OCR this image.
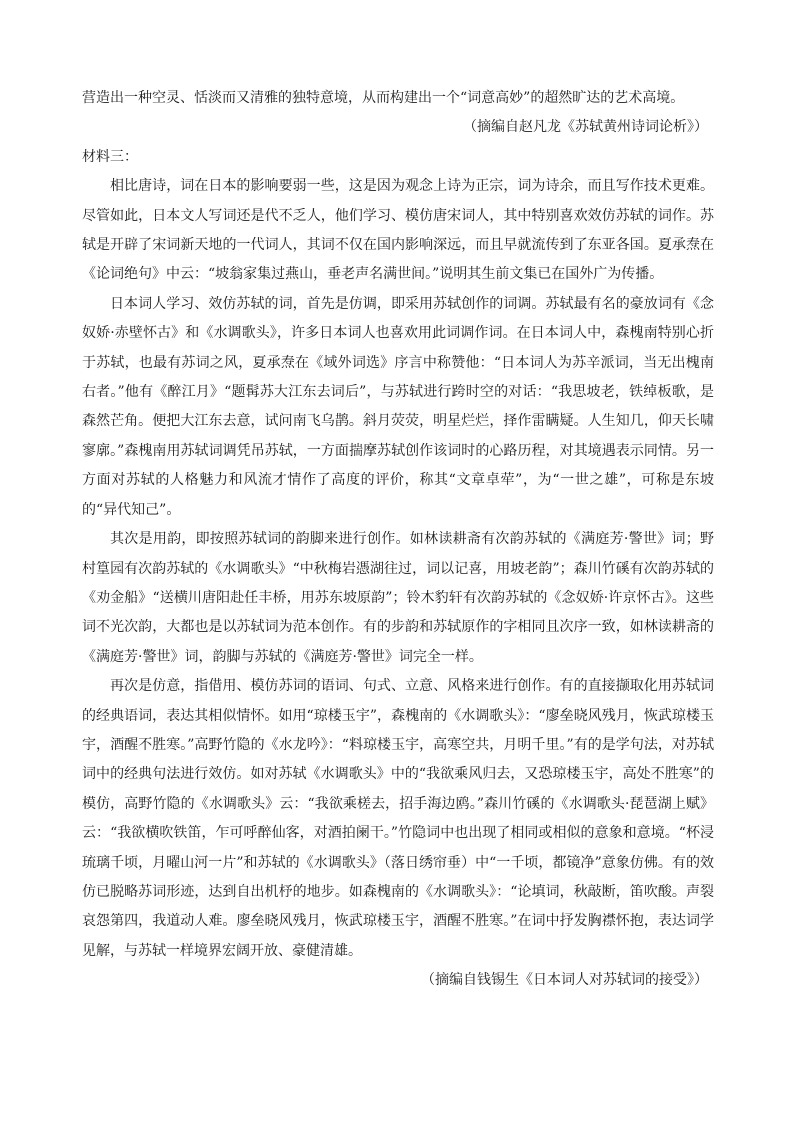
营造出一种空灵、恬淡而又清雅的独特意境，从而构建出一个“词意高妙”的超然旷达的艺术高境。

（摘编自赵凡龙《苏轼黄州诗词论析》）

材料三：

相比唐诗，词在日本的影响要弱一些，这是因为观念上诗为正宗，词为诗余，而且写作技术更难。尽管如此，日本文人写词还是代不乏人，他们学习、模仿唐宋词人，其中特别喜欢效仿苏轼的词作。苏轼是开辟了宋词新天地的一代词人，其词不仅在国内影响深远，而且早就流传到了东亚各国。夏承焘在《论词绝句》中云：“坡翁家集过燕山，垂老声名满世间。”说明其生前文集已在国外广为传播。

日本词人学习、效仿苏轼的词，首先是仿调，即采用苏轼创作的词调。苏轼最有名的豪放词有《念奴娇·赤壁怀古》和《水调歌头》，许多日本词人也喜欢用此词调作词。在日本词人中，森槐南特别心折于苏轼，也最有苏词之风，夏承焘在《域外词选》序言中称赞他：“日本词人为苏辛派词，当无出槐南右者。”他有《醉江月》“题髯苏大江东去词后”，与苏轼进行跨时空的对话：“我思坡老，铁绰板歌，是森然芒角。便把大江东去意，试问南飞乌鹊。斜月荧荧，明星烂烂，择作雷瞒疑。人生知几，仰天长啸寥廓。”森槐南用苏轼词调凭吊苏轼，一方面揣摩苏轼创作该词时的心路历程，对其境遇表示同情。另一方面对苏轼的人格魅力和风流才情作了高度的评价，称其“文章卓荦”，为“一世之雄”，可称是东坡的“异代知己”。

其次是用韵，即按照苏轼词的韵脚来进行创作。如林读耕斋有次韵苏轼的《满庭芳·警世》词；野村篁园有次韵苏轼的《水调歌头》“中秋梅岩憑湖往过，词以记喜，用坡老韵”；森川竹磎有次韵苏轼的《劝金船》“送横川唐阳赴任丰桥，用苏东坡原韵”；铃木豹轩有次韵苏轼的《念奴娇·许京怀古》。这些词不光次韵，大都也是以苏轼词为范本创作。有的步韵和苏轼原作的字相同且次序一致，如林读耕斋的《满庭芳·警世》词，韵脚与苏轼的《满庭芳·警世》词完全一样。

再次是仿意，指借用、模仿苏词的语词、句式、立意、风格来进行创作。有的直接撷取化用苏轼词的经典语词，表达其相似情怀。如用“琼楼玉宇”，森槐南的《水调歌头》：“廖垒晓风残月，恢武琼楼玉宇，酒醒不胜寒。”高野竹隐的《水龙吟》：“料琼楼玉宇，高寒空共，月明千里。”有的是学句法，对苏轼词中的经典句法进行效仿。如对苏轼《水调歌头》中的“我欲乘风归去，又恐琼楼玉宇，高处不胜寒”的模仿，高野竹隐的《水调歌头》云：“我欲乘槎去，招手海边鸥。”森川竹磎的《水调歌头·琵琶湖上赋》云：“我欲横吹铁笛，乍可呼醉仙客，对酒拍阑干。”竹隐词中也出现了相同或相似的意象和意境。“杯浸琉璃千顷，月曜山河一片”和苏轼的《水调歌头》（落日绣帘垂）中“一千顷，都镜净”意象仿佛。有的效仿已脱略苏词形迹，达到自出机杼的地步。如森槐南的《水调歌头》：“论填词，秋敲断，笛吹酸。声裂哀怨第四，我道动人难。廖垒晓风残月，恢武琼楼玉宇，酒醒不胜寒。”在词中抒发胸襟怀抱，表达词学见解，与苏轼一样境界宏阔开放、豪健清雄。

（摘编自钱锡生《日本词人对苏轼词的接受》）
